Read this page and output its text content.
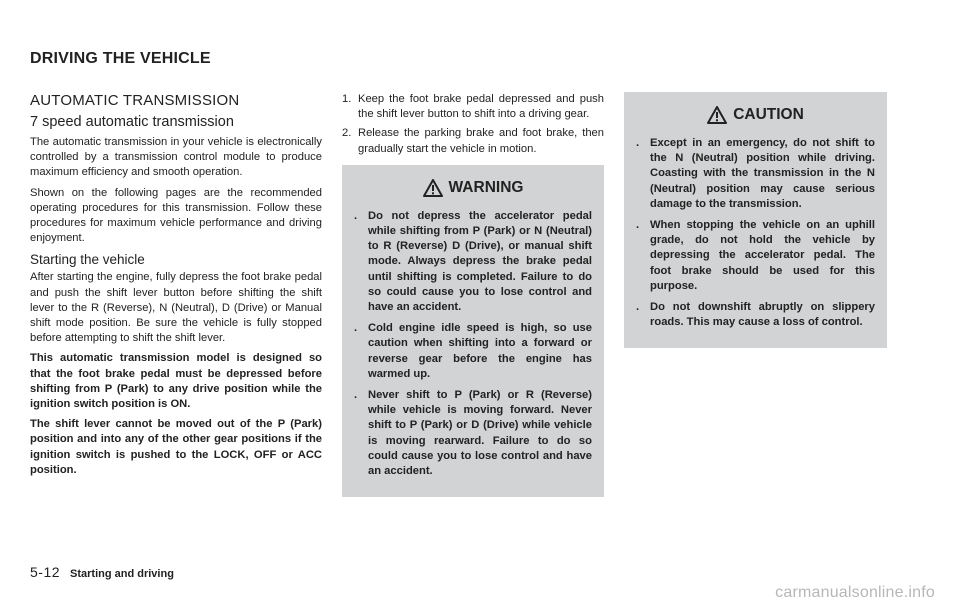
DRIVING THE VEHICLE
AUTOMATIC TRANSMISSION
7 speed automatic transmission

The automatic transmission in your vehicle is electronically controlled by a transmission control module to produce maximum efficiency and smooth operation.

Shown on the following pages are the recommended operating procedures for this transmission. Follow these procedures for maximum vehicle performance and driving enjoyment.

Starting the vehicle

After starting the engine, fully depress the foot brake pedal and push the shift lever button before shifting the shift lever to the R (Reverse), N (Neutral), D (Drive) or Manual shift mode position. Be sure the vehicle is fully stopped before attempting to shift the shift lever.

This automatic transmission model is designed so that the foot brake pedal must be depressed before shifting from P (Park) to any drive position while the ignition switch position is ON.

The shift lever cannot be moved out of the P (Park) position and into any of the other gear positions if the ignition switch is pushed to the LOCK, OFF or ACC position.

1. Keep the foot brake pedal depressed and push the shift lever button to shift into a driving gear.
2. Release the parking brake and foot brake, then gradually start the vehicle in motion.
WARNING
. Do not depress the accelerator pedal while shifting from P (Park) or N (Neutral) to R (Reverse) D (Drive), or manual shift mode. Always depress the brake pedal until shifting is completed. Failure to do so could cause you to lose control and have an accident.
. Cold engine idle speed is high, so use caution when shifting into a forward or reverse gear before the engine has warmed up.
. Never shift to P (Park) or R (Reverse) while vehicle is moving forward. Never shift to P (Park) or D (Drive) while vehicle is moving rearward. Failure to do so could cause you to lose control and have an accident.
CAUTION
. Except in an emergency, do not shift to the N (Neutral) position while driving. Coasting with the transmission in the N (Neutral) position may cause serious damage to the transmission.
. When stopping the vehicle on an uphill grade, do not hold the vehicle by depressing the accelerator pedal. The foot brake should be used for this purpose.
. Do not downshift abruptly on slippery roads. This may cause a loss of control.
5-12 Starting and driving
carmanualsonline.info
